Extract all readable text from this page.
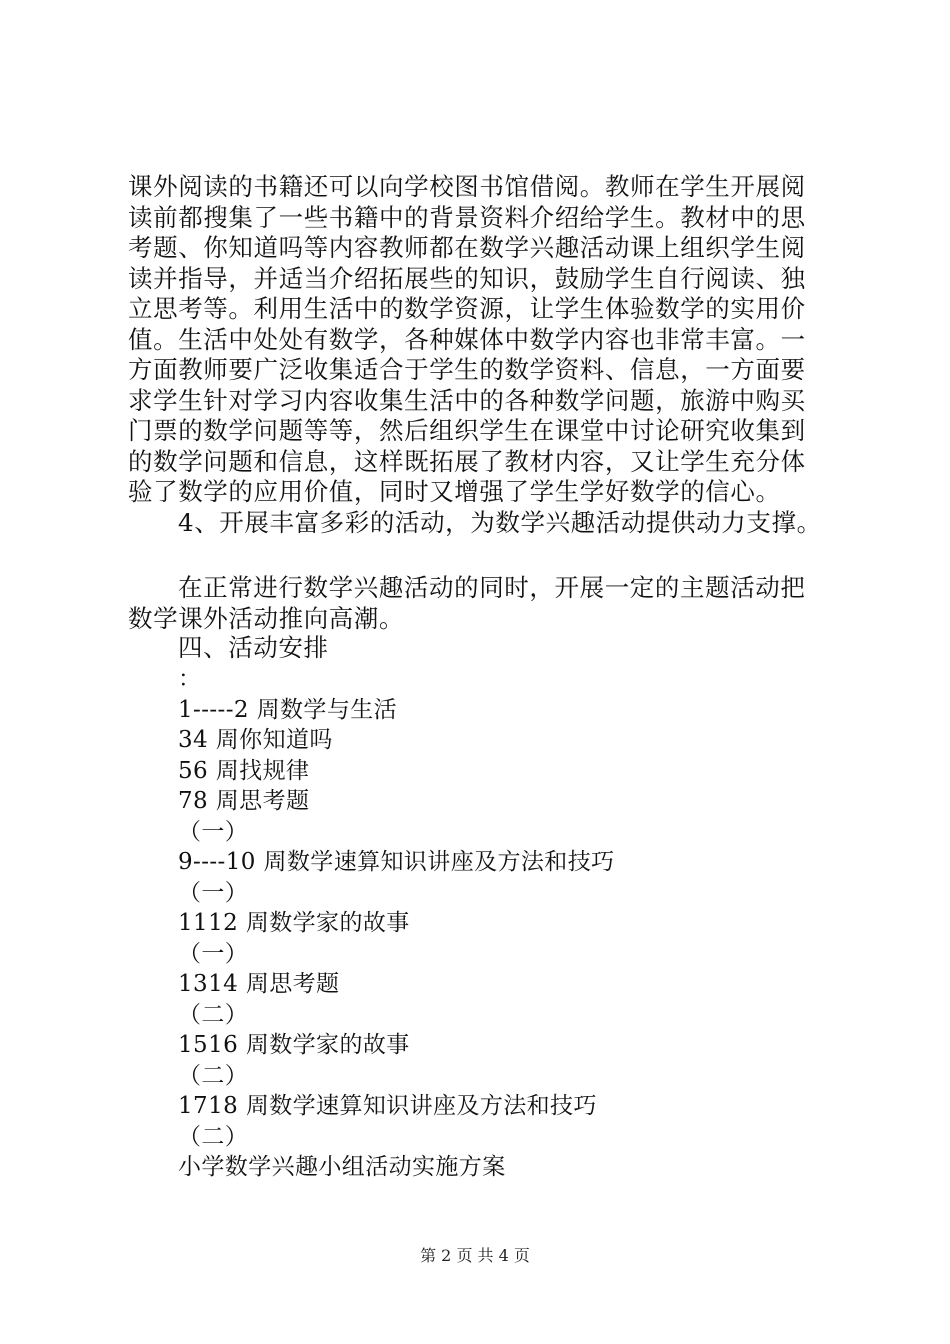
课外阅读的书籍还可以向学校图书馆借阅。教师在学生开展阅
读前都搜集了一些书籍中的背景资料介绍给学生。教材中的思
考题、你知道吗等内容教师都在数学兴趣活动课上组织学生阅
读并指导，并适当介绍拓展些的知识，鼓励学生自行阅读、独
立思考等。利用生活中的数学资源，让学生体验数学的实用价
值。生活中处处有数学，各种媒体中数学内容也非常丰富。一
方面教师要广泛收集适合于学生的数学资料、信息，一方面要
求学生针对学习内容收集生活中的各种数学问题，旅游中购买
门票的数学问题等等，然后组织学生在课堂中讨论研究收集到
的数学问题和信息，这样既拓展了教材内容，又让学生充分体
验了数学的应用价值，同时又增强了学生学好数学的信心。
4、开展丰富多彩的活动，为数学兴趣活动提供动力支撑。
在正常进行数学兴趣活动的同时，开展一定的主题活动把
数学课外活动推向高潮。
四、活动安排
：
1-----2 周数学与生活
34 周你知道吗
56 周找规律
78 周思考题
（一）
9----10 周数学速算知识讲座及方法和技巧
（一）
1112 周数学家的故事
（一）
1314 周思考题
（二）
1516 周数学家的故事
（二）
1718 周数学速算知识讲座及方法和技巧
（二）
小学数学兴趣小组活动实施方案
第 2 页 共 4 页
